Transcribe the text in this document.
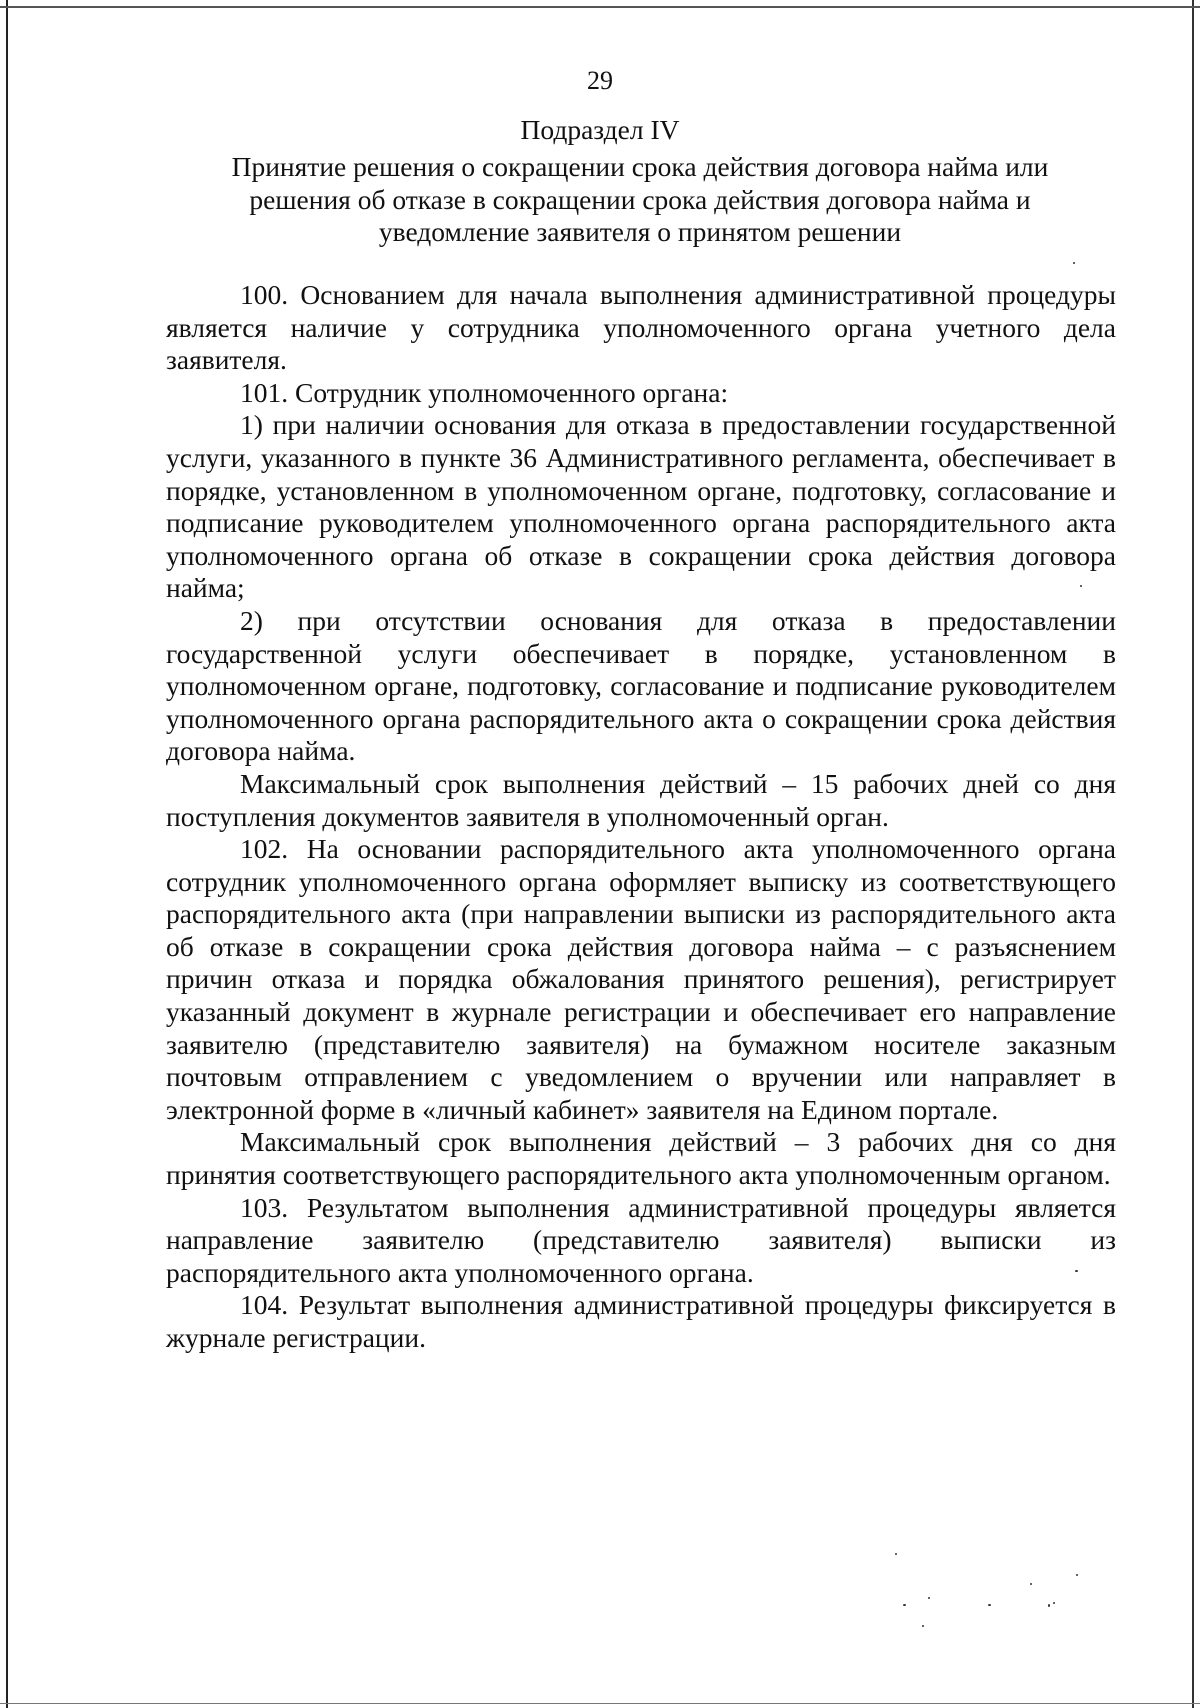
29
Подраздел IV
Принятие решения о сокращении срока действия договора найма или решения об отказе в сокращении срока действия договора найма и уведомление заявителя о принятом решении

100. Основанием для начала выполнения административной процедуры является наличие у сотрудника уполномоченного органа учетного дела заявителя.

101. Сотрудник уполномоченного органа:

1) при наличии основания для отказа в предоставлении государственной услуги, указанного в пункте 36 Административного регламента, обеспечивает в порядке, установленном в уполномоченном органе, подготовку, согласование и подписание руководителем уполномоченного органа распорядительного акта уполномоченного органа об отказе в сокращении срока действия договора найма;

2) при отсутствии основания для отказа в предоставлении государственной услуги обеспечивает в порядке, установленном в уполномоченном органе, подготовку, согласование и подписание руководителем уполномоченного органа распорядительного акта о сокращении срока действия договора найма.

Максимальный срок выполнения действий – 15 рабочих дней со дня поступления документов заявителя в уполномоченный орган.

102. На основании распорядительного акта уполномоченного органа сотрудник уполномоченного органа оформляет выписку из соответствующего распорядительного акта (при направлении выписки из распорядительного акта об отказе в сокращении срока действия договора найма – с разъяснением причин отказа и порядка обжалования принятого решения), регистрирует указанный документ в журнале регистрации и обеспечивает его направление заявителю (представителю заявителя) на бумажном носителе заказным почтовым отправлением с уведомлением о вручении или направляет в электронной форме в «личный кабинет» заявителя на Едином портале.

Максимальный срок выполнения действий – 3 рабочих дня со дня принятия соответствующего распорядительного акта уполномоченным органом.

103. Результатом выполнения административной процедуры является направление заявителю (представителю заявителя) выписки из распорядительного акта уполномоченного органа.

104. Результат выполнения административной процедуры фиксируется в журнале регистрации.
